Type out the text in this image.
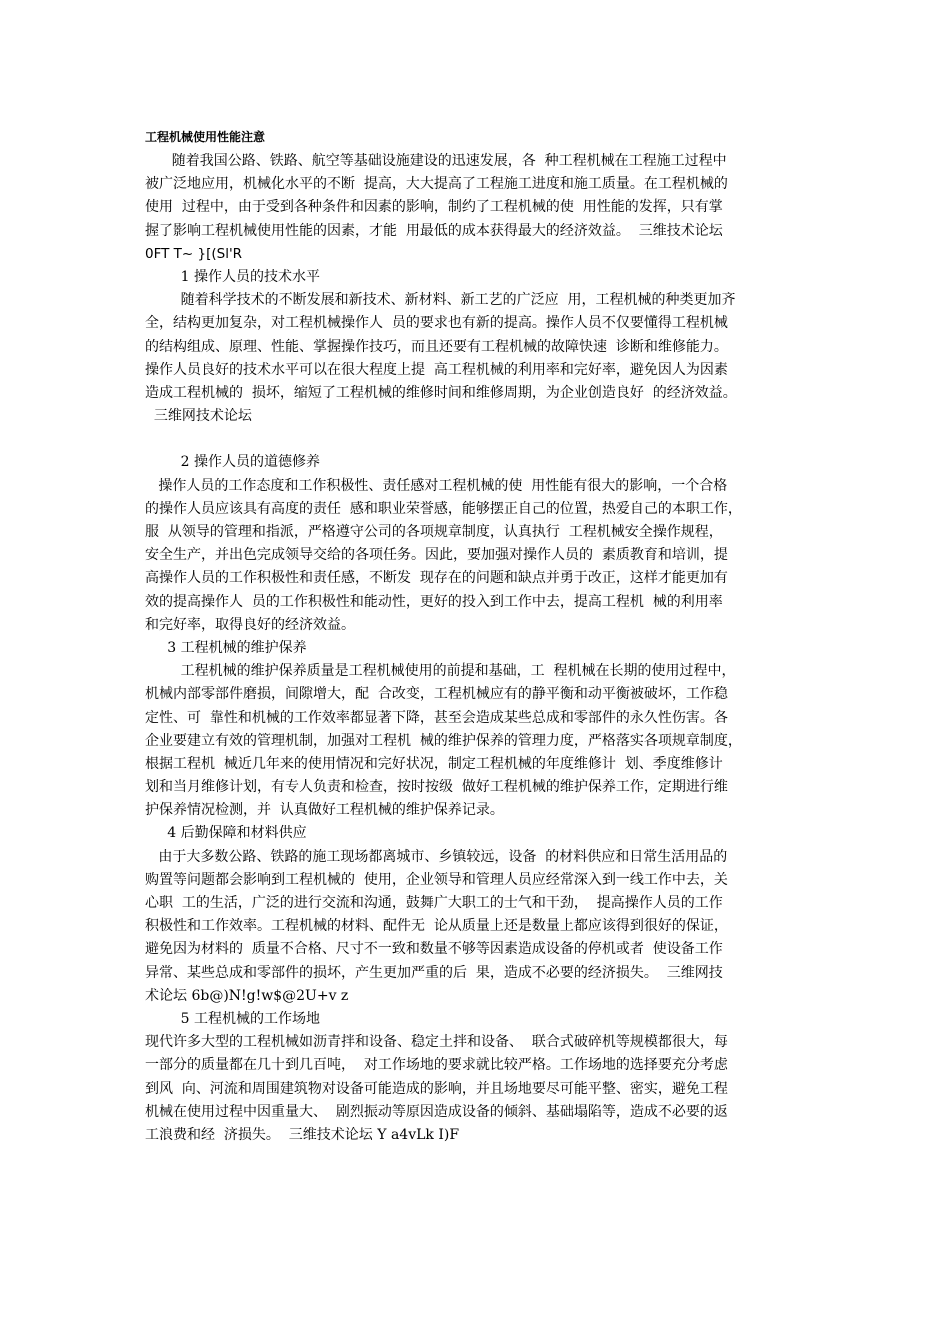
工程机械使用性能注意
随着我国公路、铁路、航空等基础设施建设的迅速发展，各  种工程机械在工程施工过程中
被广泛地应用，机械化水平的不断  提高，大大提高了工程施工进度和施工质量。在工程机械的
使用  过程中，由于受到各种条件和因素的影响，制约了工程机械的使  用性能的发挥，只有掌
握了影响工程机械使用性能的因素，才能  用最低的成本获得最大的经济效益。  三维技术论坛
0FT T~ }[(Sl'R
1 操作人员的技术水平
随着科学技术的不断发展和新技术、新材料、新工艺的广泛应  用，工程机械的种类更加齐
全，结构更加复杂，对工程机械操作人  员的要求也有新的提高。操作人员不仅要懂得工程机械
的结构组成、原理、性能、掌握操作技巧，而且还要有工程机械的故障快速  诊断和维修能力。
操作人员良好的技术水平可以在很大程度上提  高工程机械的利用率和完好率，避免因人为因素
造成工程机械的  损坏，缩短了工程机械的维修时间和维修周期，为企业创造良好  的经济效益。
三维网技术论坛
2 操作人员的道德修养
操作人员的工作态度和工作积极性、责任感对工程机械的使  用性能有很大的影响，一个合格
的操作人员应该具有高度的责任  感和职业荣誉感，能够摆正自己的位置，热爱自己的本职工作，
服  从领导的管理和指派，严格遵守公司的各项规章制度，认真执行  工程机械安全操作规程，
安全生产，并出色完成领导交给的各项任务。因此，要加强对操作人员的  素质教育和培训，提
高操作人员的工作积极性和责任感，不断发  现存在的问题和缺点并勇于改正，这样才能更加有
效的提高操作人  员的工作积极性和能动性，更好的投入到工作中去，提高工程机  械的利用率
和完好率，取得良好的经济效益。
3 工程机械的维护保养
工程机械的维护保养质量是工程机械使用的前提和基础，工  程机械在长期的使用过程中，
机械内部零部件磨损，间隙增大，配  合改变，工程机械应有的静平衡和动平衡被破坏，工作稳
定性、可  靠性和机械的工作效率都显著下降，甚至会造成某些总成和零部件的永久性伤害。各
企业要建立有效的管理机制，加强对工程机  械的维护保养的管理力度，严格落实各项规章制度，
根据工程机  械近几年来的使用情况和完好状况，制定工程机械的年度维修计  划、季度维修计
划和当月维修计划，有专人负责和检查，按时按级  做好工程机械的维护保养工作，定期进行维
护保养情况检测，并  认真做好工程机械的维护保养记录。
4 后勤保障和材料供应
由于大多数公路、铁路的施工现场都离城市、乡镇较远，设备  的材料供应和日常生活用品的
购置等问题都会影响到工程机械的  使用，企业领导和管理人员应经常深入到一线工作中去，关
心职  工的生活，广泛的进行交流和沟通，鼓舞广大职工的士气和干劲，  提高操作人员的工作
积极性和工作效率。工程机械的材料、配件无  论从质量上还是数量上都应该得到很好的保证，
避免因为材料的  质量不合格、尺寸不一致和数量不够等因素造成设备的停机或者  使设备工作
异常、某些总成和零部件的损坏，产生更加严重的后  果，造成不必要的经济损失。  三维网技
术论坛 6b@)N!g!w$@2U+v z
5 工程机械的工作场地
现代许多大型的工程机械如沥青拌和设备、稳定土拌和设备、  联合式破碎机等规模都很大，每
一部分的质量都在几十到几百吨，  对工作场地的要求就比较严格。工作场地的选择要充分考虑
到风  向、河流和周围建筑物对设备可能造成的影响，并且场地要尽可能平整、密实，避免工程
机械在使用过程中因重量大、  剧烈振动等原因造成设备的倾斜、基础塌陷等，造成不必要的返
工浪费和经  济损失。  三维技术论坛 Y a4vLk I)F
